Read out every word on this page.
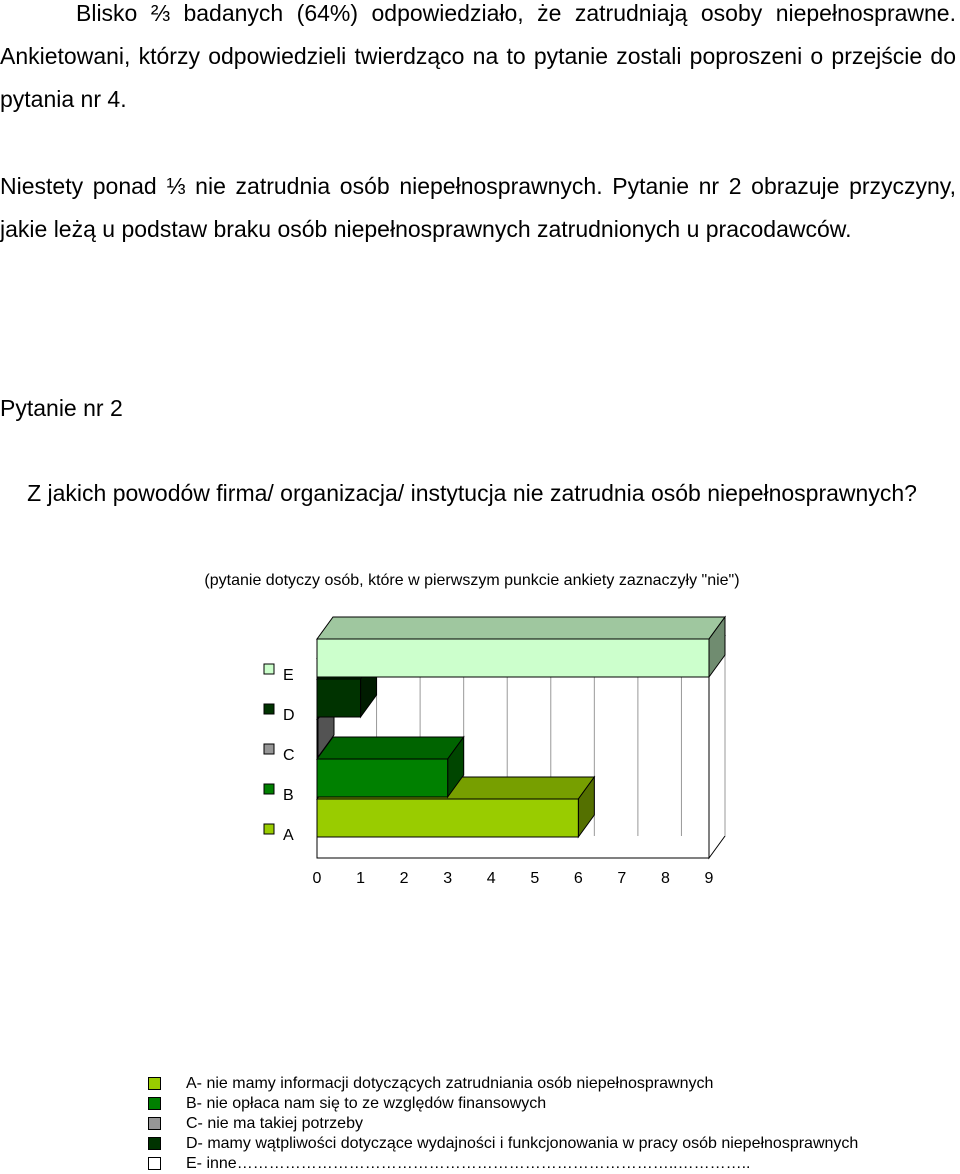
Blisko ⅔ badanych (64%) odpowiedziało, że zatrudniają osoby niepełnosprawne. Ankietowani, którzy odpowiedzieli twierdząco na to pytanie zostali poproszeni o przejście do pytania nr 4.

Niestety ponad ⅓ nie zatrudnia osób niepełnosprawnych. Pytanie nr 2 obrazuje przyczyny, jakie leżą u podstaw braku osób niepełnosprawnych zatrudnionych u pracodawców.

Pytanie nr 2

Z jakich powodów firma/ organizacja/ instytucja nie zatrudnia osób niepełnosprawnych?

(pytanie dotyczy osób, które w pierwszym punkcie ankiety zaznaczyły "nie")

A
B
C
D
E
0 1 2 3 4 5 6 7 8 9
A- nie mamy informacji dotyczących zatrudniania osób niepełnosprawnych
B- nie opłaca nam się to ze względów finansowych
C- nie ma takiej potrzeby
D- mamy wątpliwości dotyczące wydajności i funkcjonowania w pracy osób niepełnosprawnych
E- inne………………………………………………………………………..…………..
